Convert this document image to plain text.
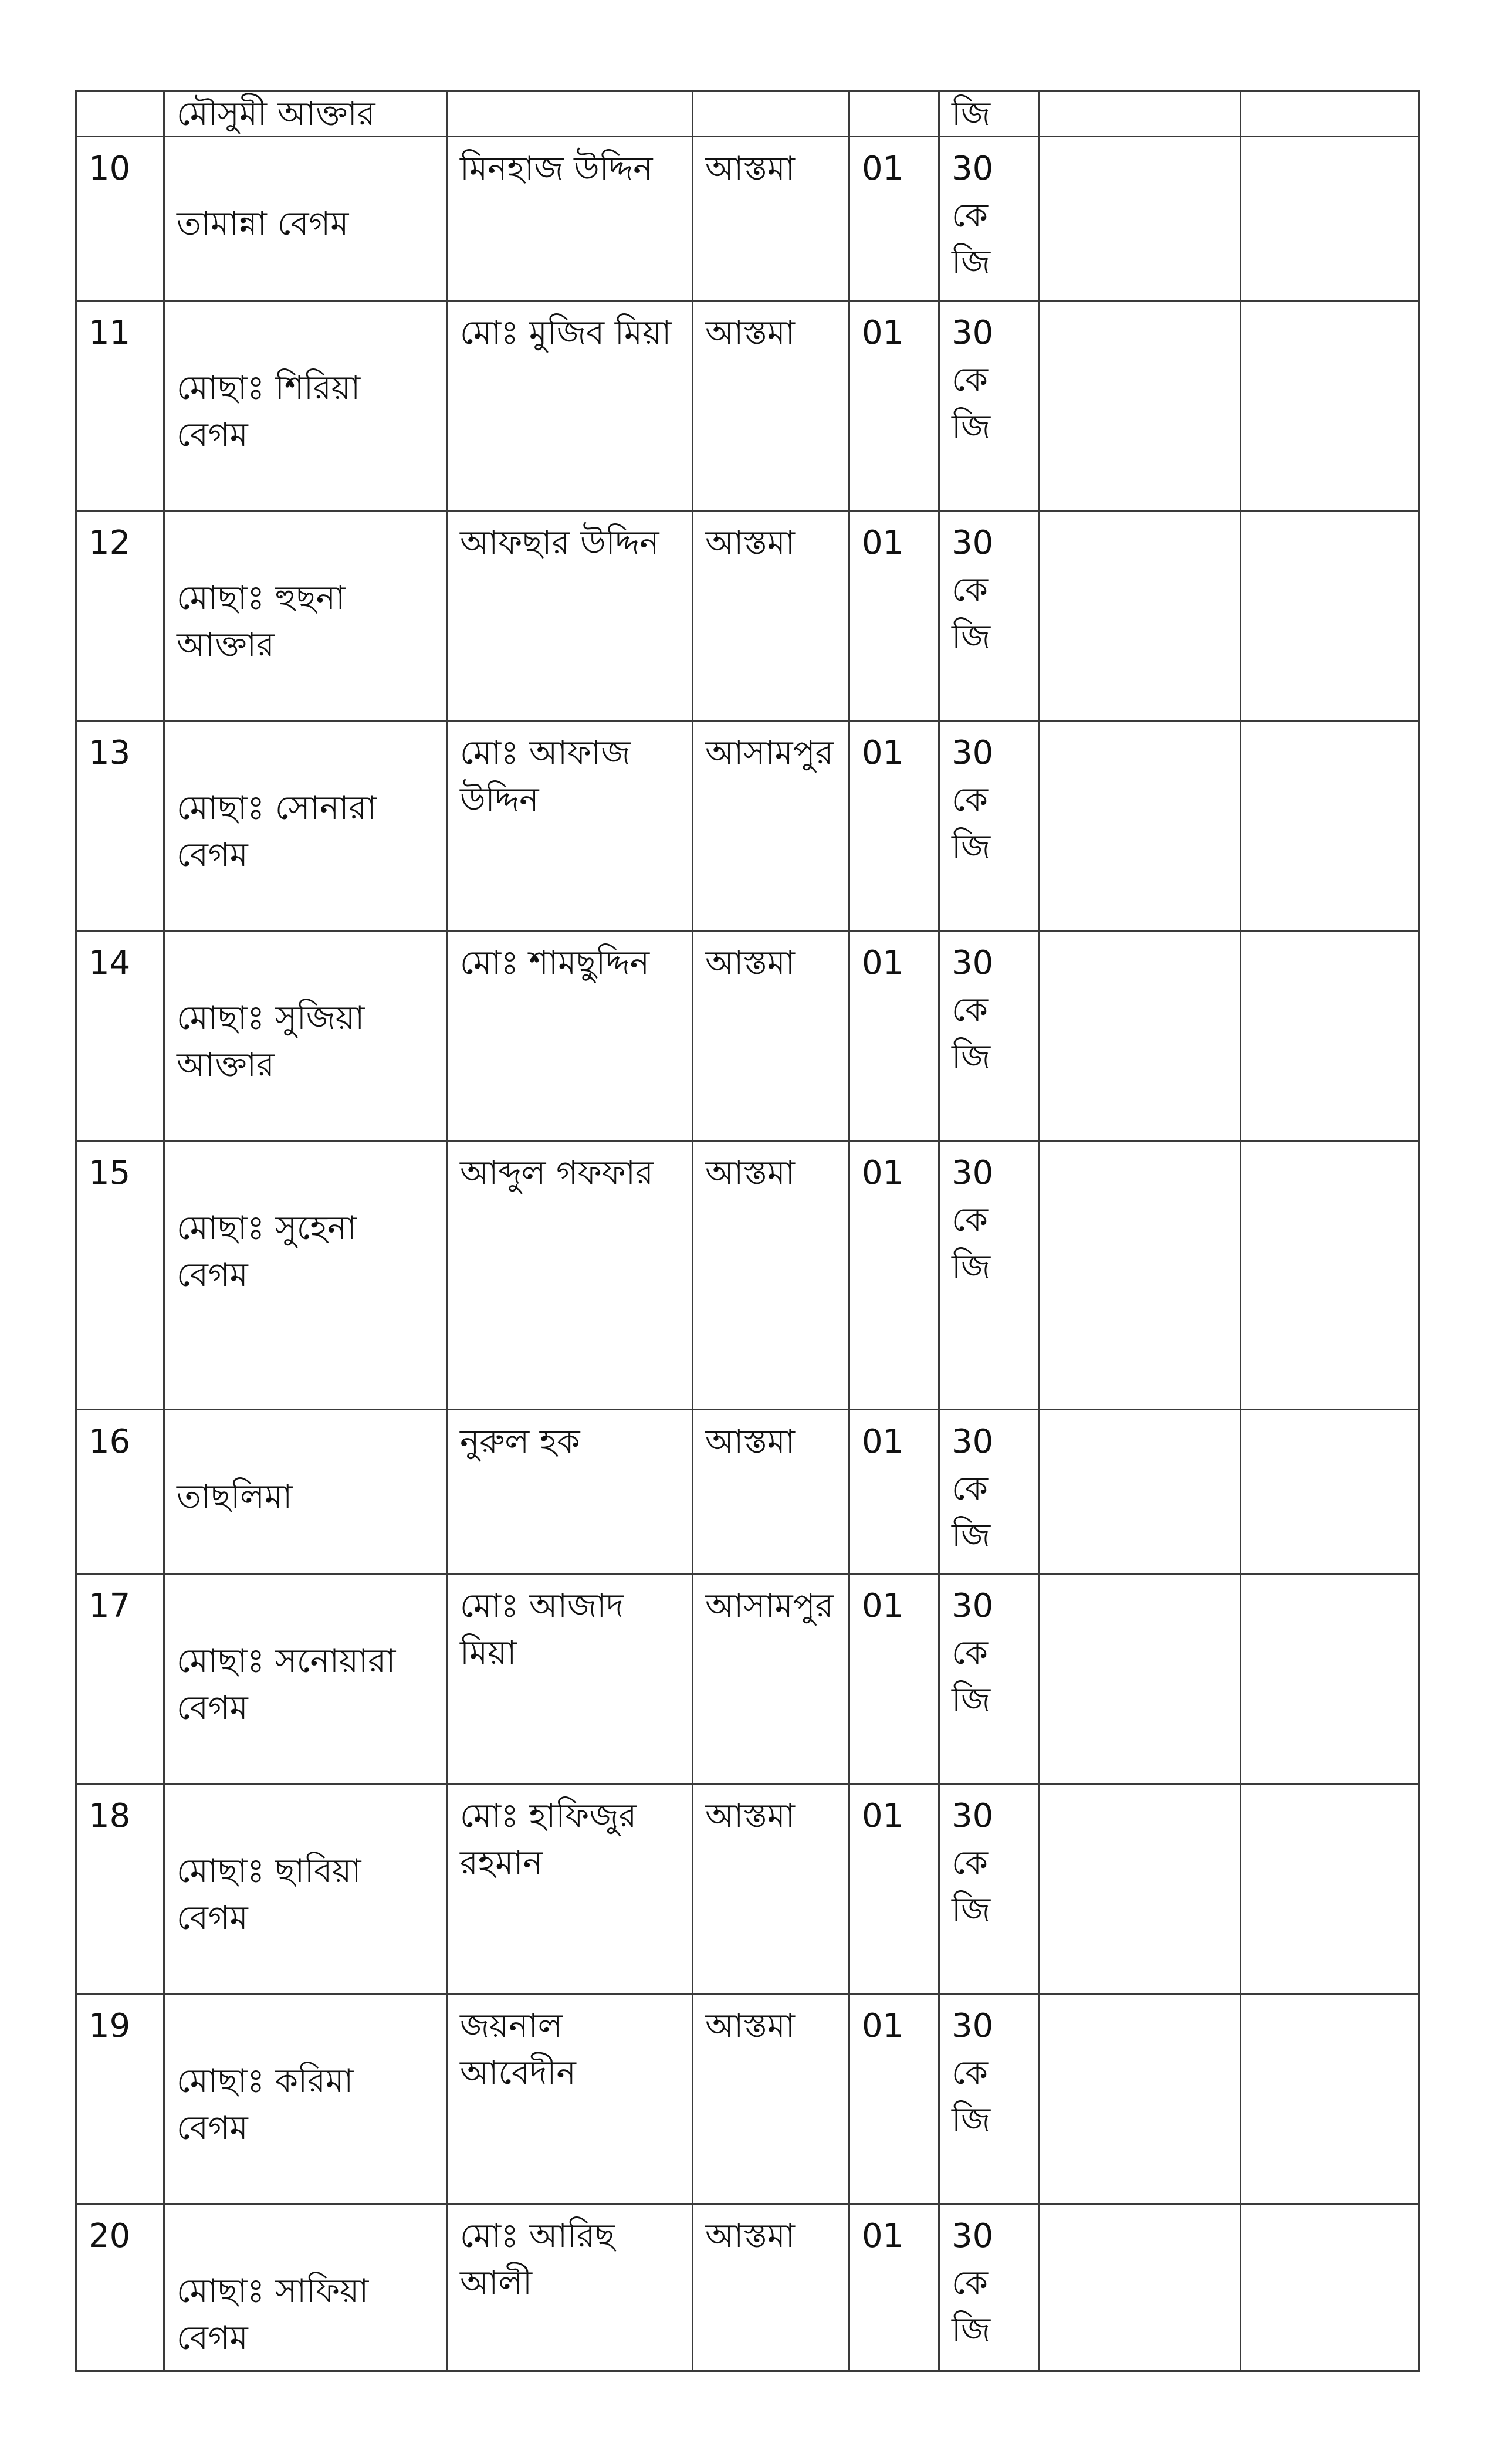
	মৌসুমী আক্তার				জি		
10	তামান্না বেগম	মিনহাজ উদ্দিন	আস্তমা	01	30 কে জি		
11	মোছাঃ শিরিয়া বেগম	মোঃ মুজিব মিয়া	আস্তমা	01	30 কে জি		
12	মোছাঃ হুছনা আক্তার	আফছার উদ্দিন	আস্তমা	01	30 কে জি		
13	মোছাঃ সোনারা বেগম	মোঃ আফাজ উদ্দিন	আসামপুর	01	30 কে জি		
14	মোছাঃ সুজিয়া আক্তার	মোঃ শামছুদ্দিন	আস্তমা	01	30 কে জি		
15	মোছাঃ সুহেনা বেগম	আব্দুল গফফার	আস্তমা	01	30 কে জি		
16	তাছলিমা	নুরুল হক	আস্তমা	01	30 কে জি		
17	মোছাঃ সনোয়ারা বেগম	মোঃ আজাদ মিয়া	আসামপুর	01	30 কে জি		
18	মোছাঃ ছাবিয়া বেগম	মোঃ হাফিজুর রহমান	আস্তমা	01	30 কে জি		
19	মোছাঃ করিমা বেগম	জয়নাল আবেদীন	আস্তমা	01	30 কে জি		
20	মোছাঃ সাফিয়া বেগম	মোঃ আরিছ আলী	আস্তমা	01	30 কে জি		
